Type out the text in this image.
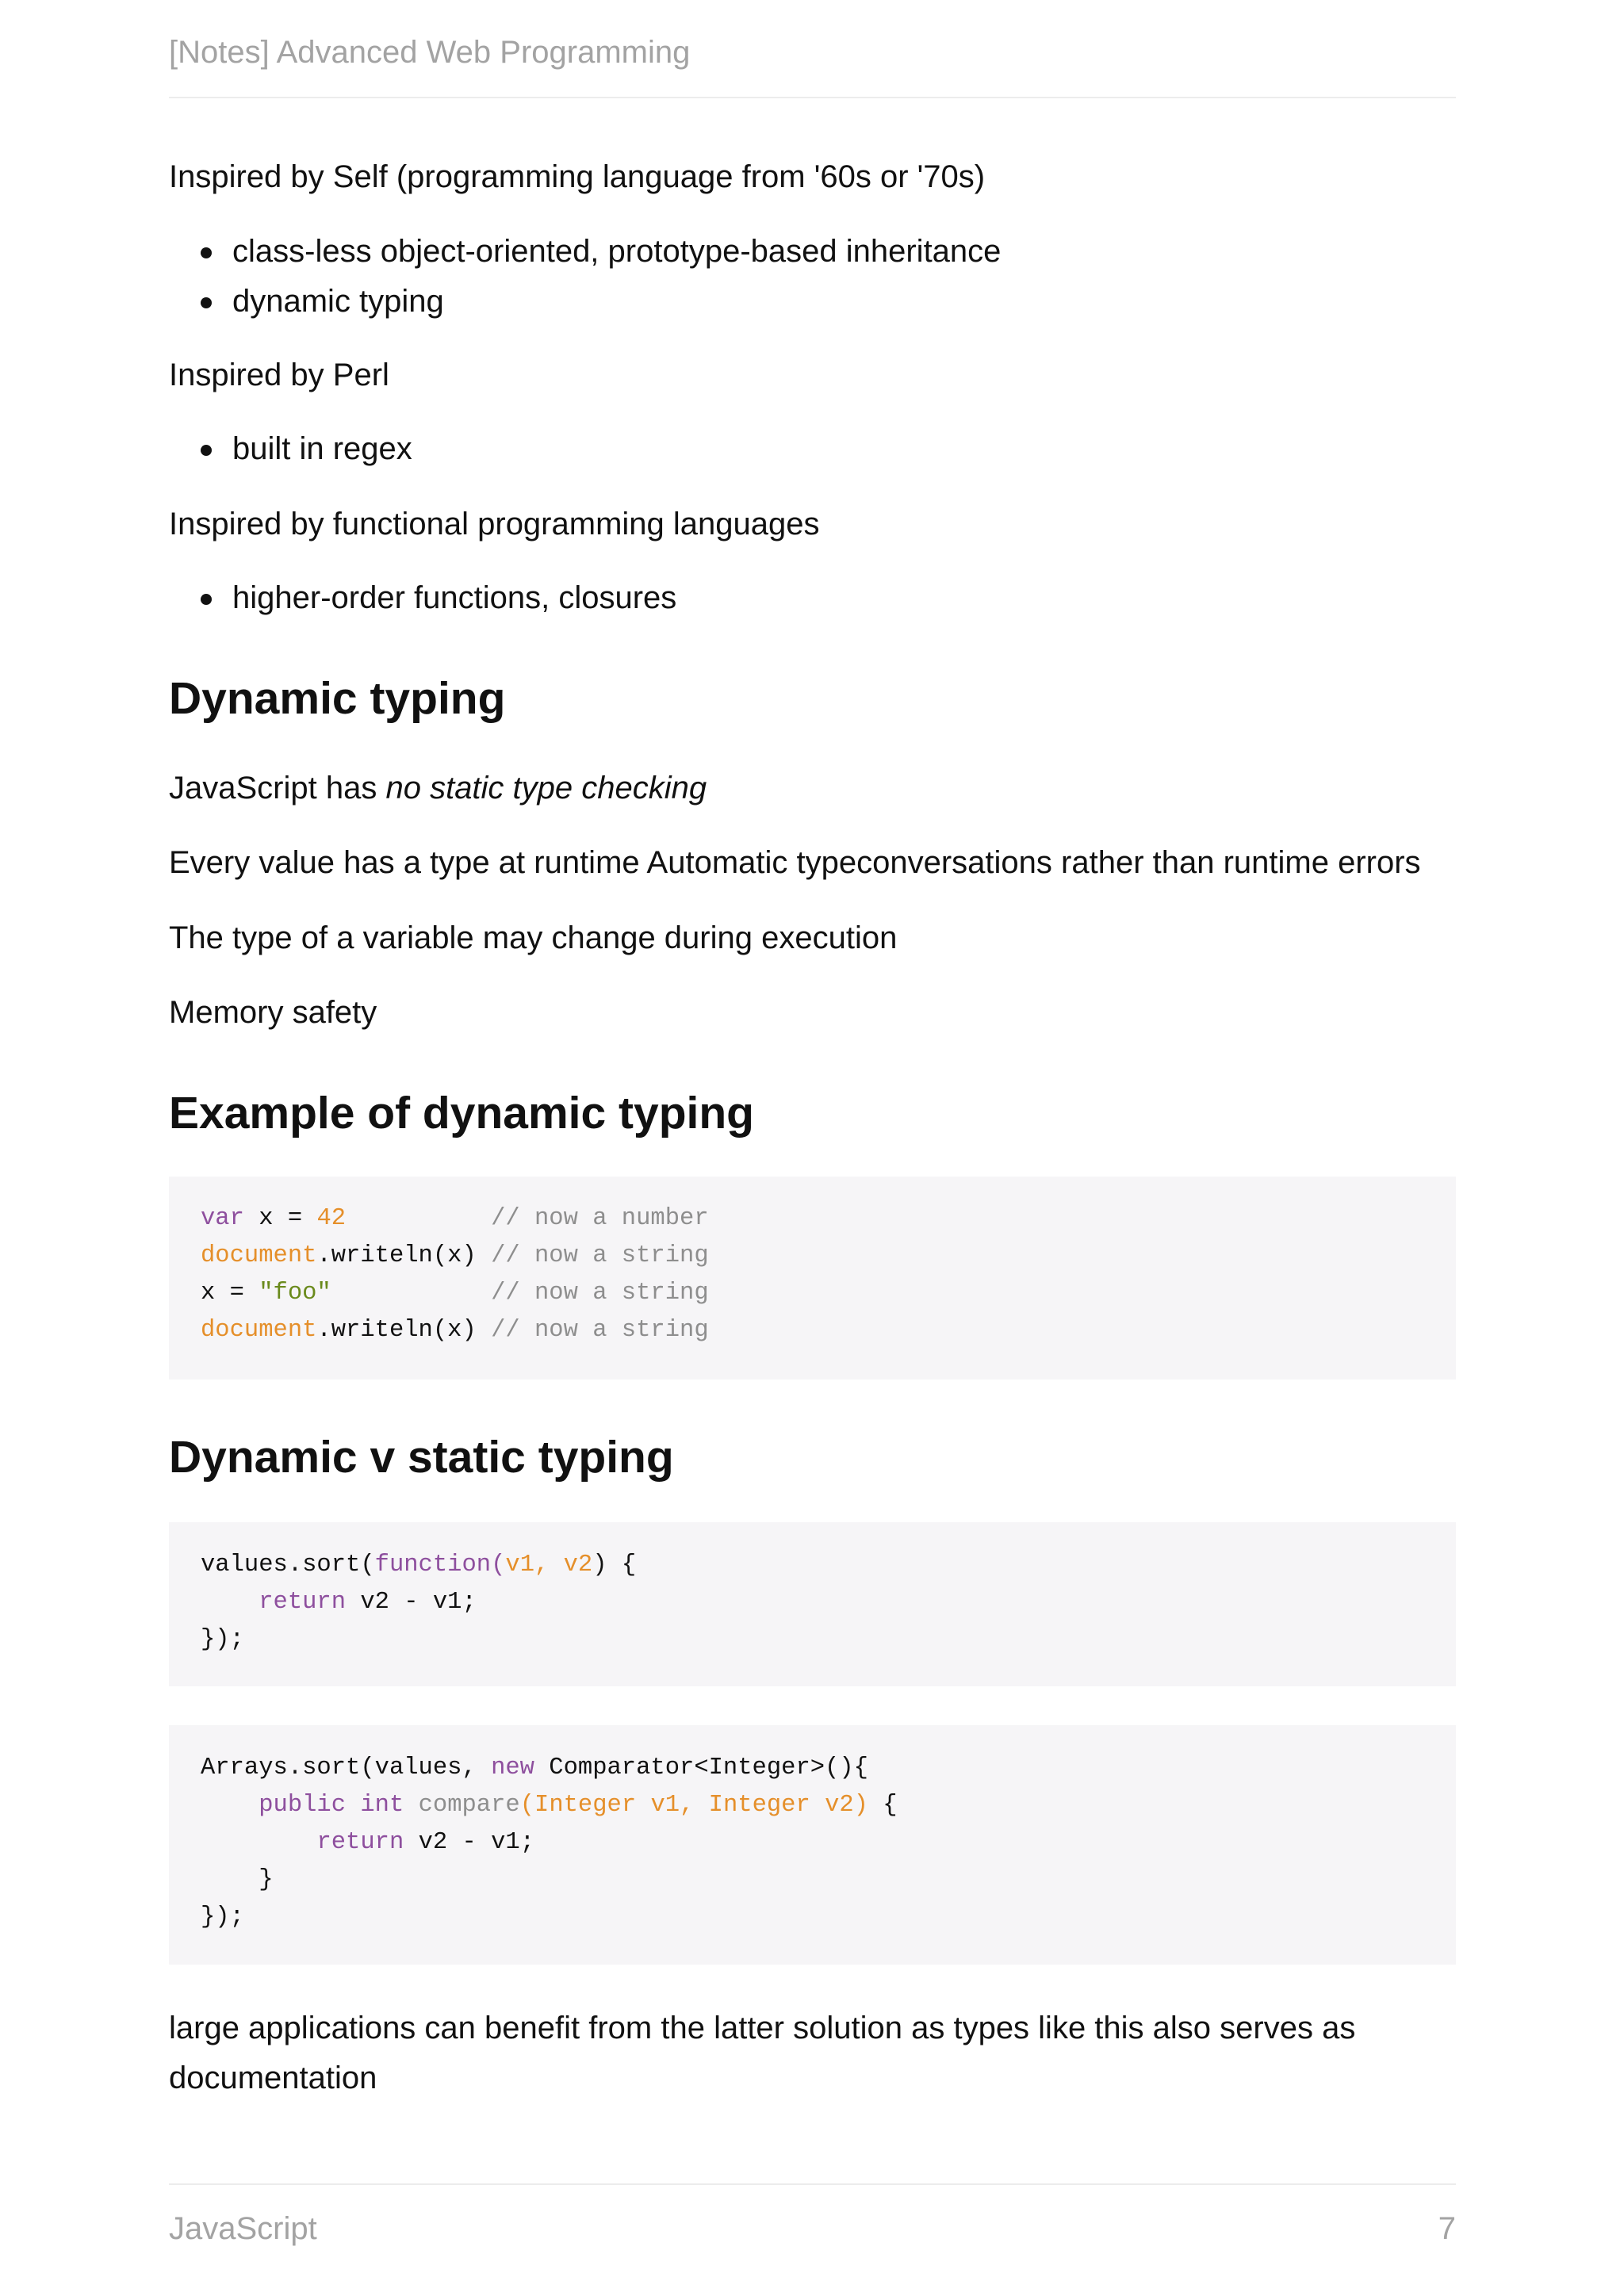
[Notes] Advanced Web Programming

Inspired by Self (programming language from '60s or '70s)

class-less object-oriented, prototype-based inheritance
dynamic typing

Inspired by Perl

built in regex

Inspired by functional programming languages

higher-order functions, closures
Dynamic typing

JavaScript has no static type checking

Every value has a type at runtime Automatic typeconversations rather than runtime errors

The type of a variable may change during execution

Memory safety

Example of dynamic typing
var x = 42	// now a number
document.writeln(x) // now a string
x = "foo"	// now a string
document.writeln(x) // now a string
Dynamic v static typing
values.sort(function(v1, v2) {
return v2 - v1;
});
Arrays.sort(values, new Comparator<Integer>(){
public int compare(Integer v1, Integer v2) {
return v2 - v1;
}
});

large applications can benefit from the latter solution as types like this also serves as

documentation

JavaScript	7
